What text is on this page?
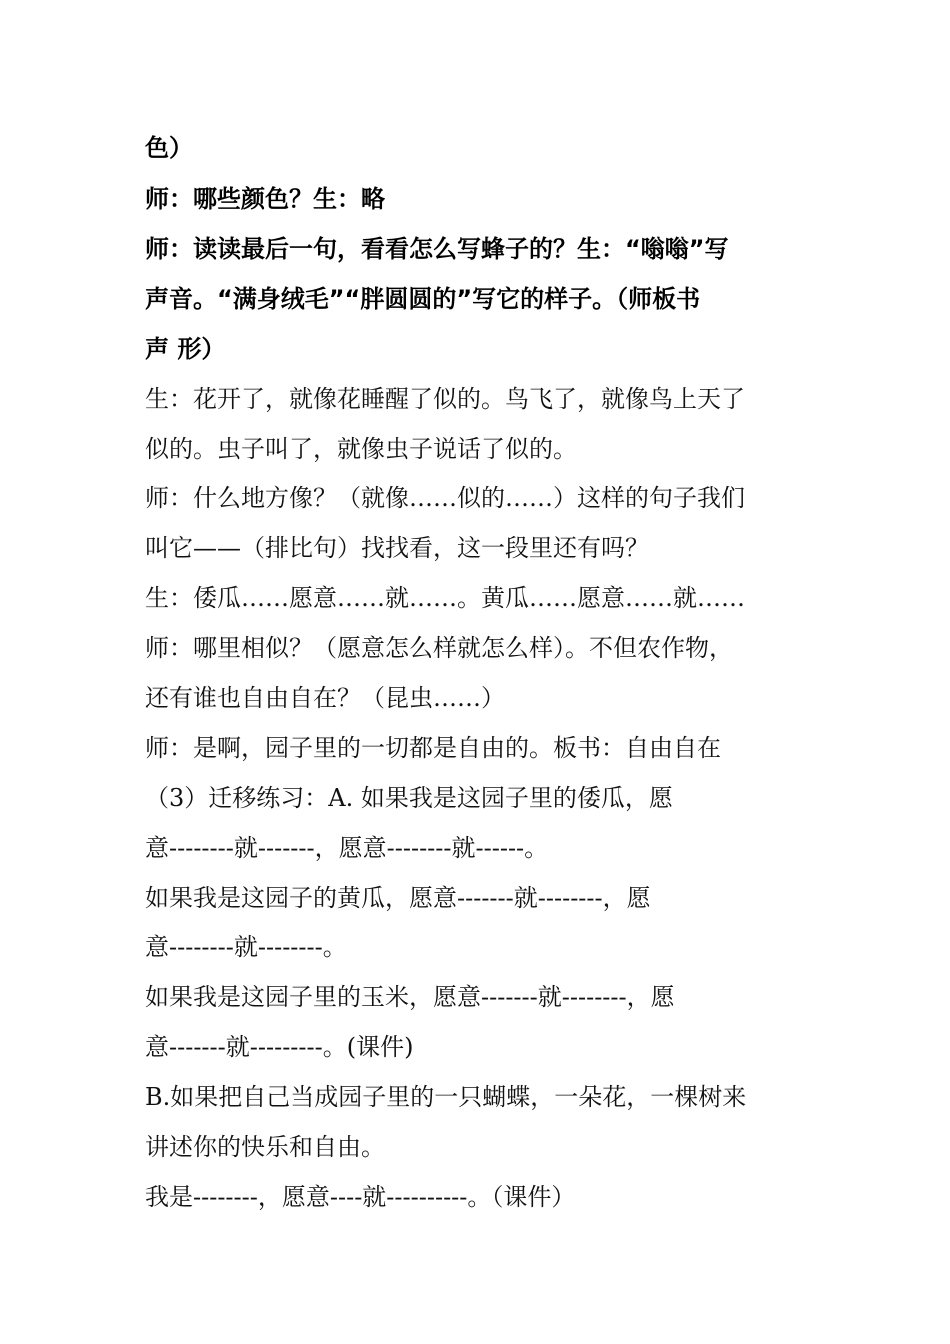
色）
师：哪些颜色？生：略
师：读读最后一句，看看怎么写蜂子的？生：“嗡嗡”写
声音。“满身绒毛”“胖圆圆的”写它的样子。（师板书
声 形）
生：花开了，就像花睡醒了似的。鸟飞了，就像鸟上天了
似的。虫子叫了，就像虫子说话了似的。
师：什么地方像？（就像……似的……）这样的句子我们
叫它——（排比句）找找看，这一段里还有吗？
生：倭瓜……愿意……就……。黄瓜……愿意……就……
师：哪里相似？（愿意怎么样就怎么样）。不但农作物，
还有谁也自由自在？（昆虫……）
师：是啊，园子里的一切都是自由的。板书：自由自在
（3）迁移练习：A. 如果我是这园子里的倭瓜，愿
意--------就-------，愿意--------就------。
如果我是这园子的黄瓜，愿意-------就--------，愿
意--------就--------。
如果我是这园子里的玉米，愿意-------就--------，愿
意-------就---------。(课件)
B.如果把自己当成园子里的一只蝴蝶，一朵花，一棵树来
讲述你的快乐和自由。
我是--------，愿意----就----------。（课件）
